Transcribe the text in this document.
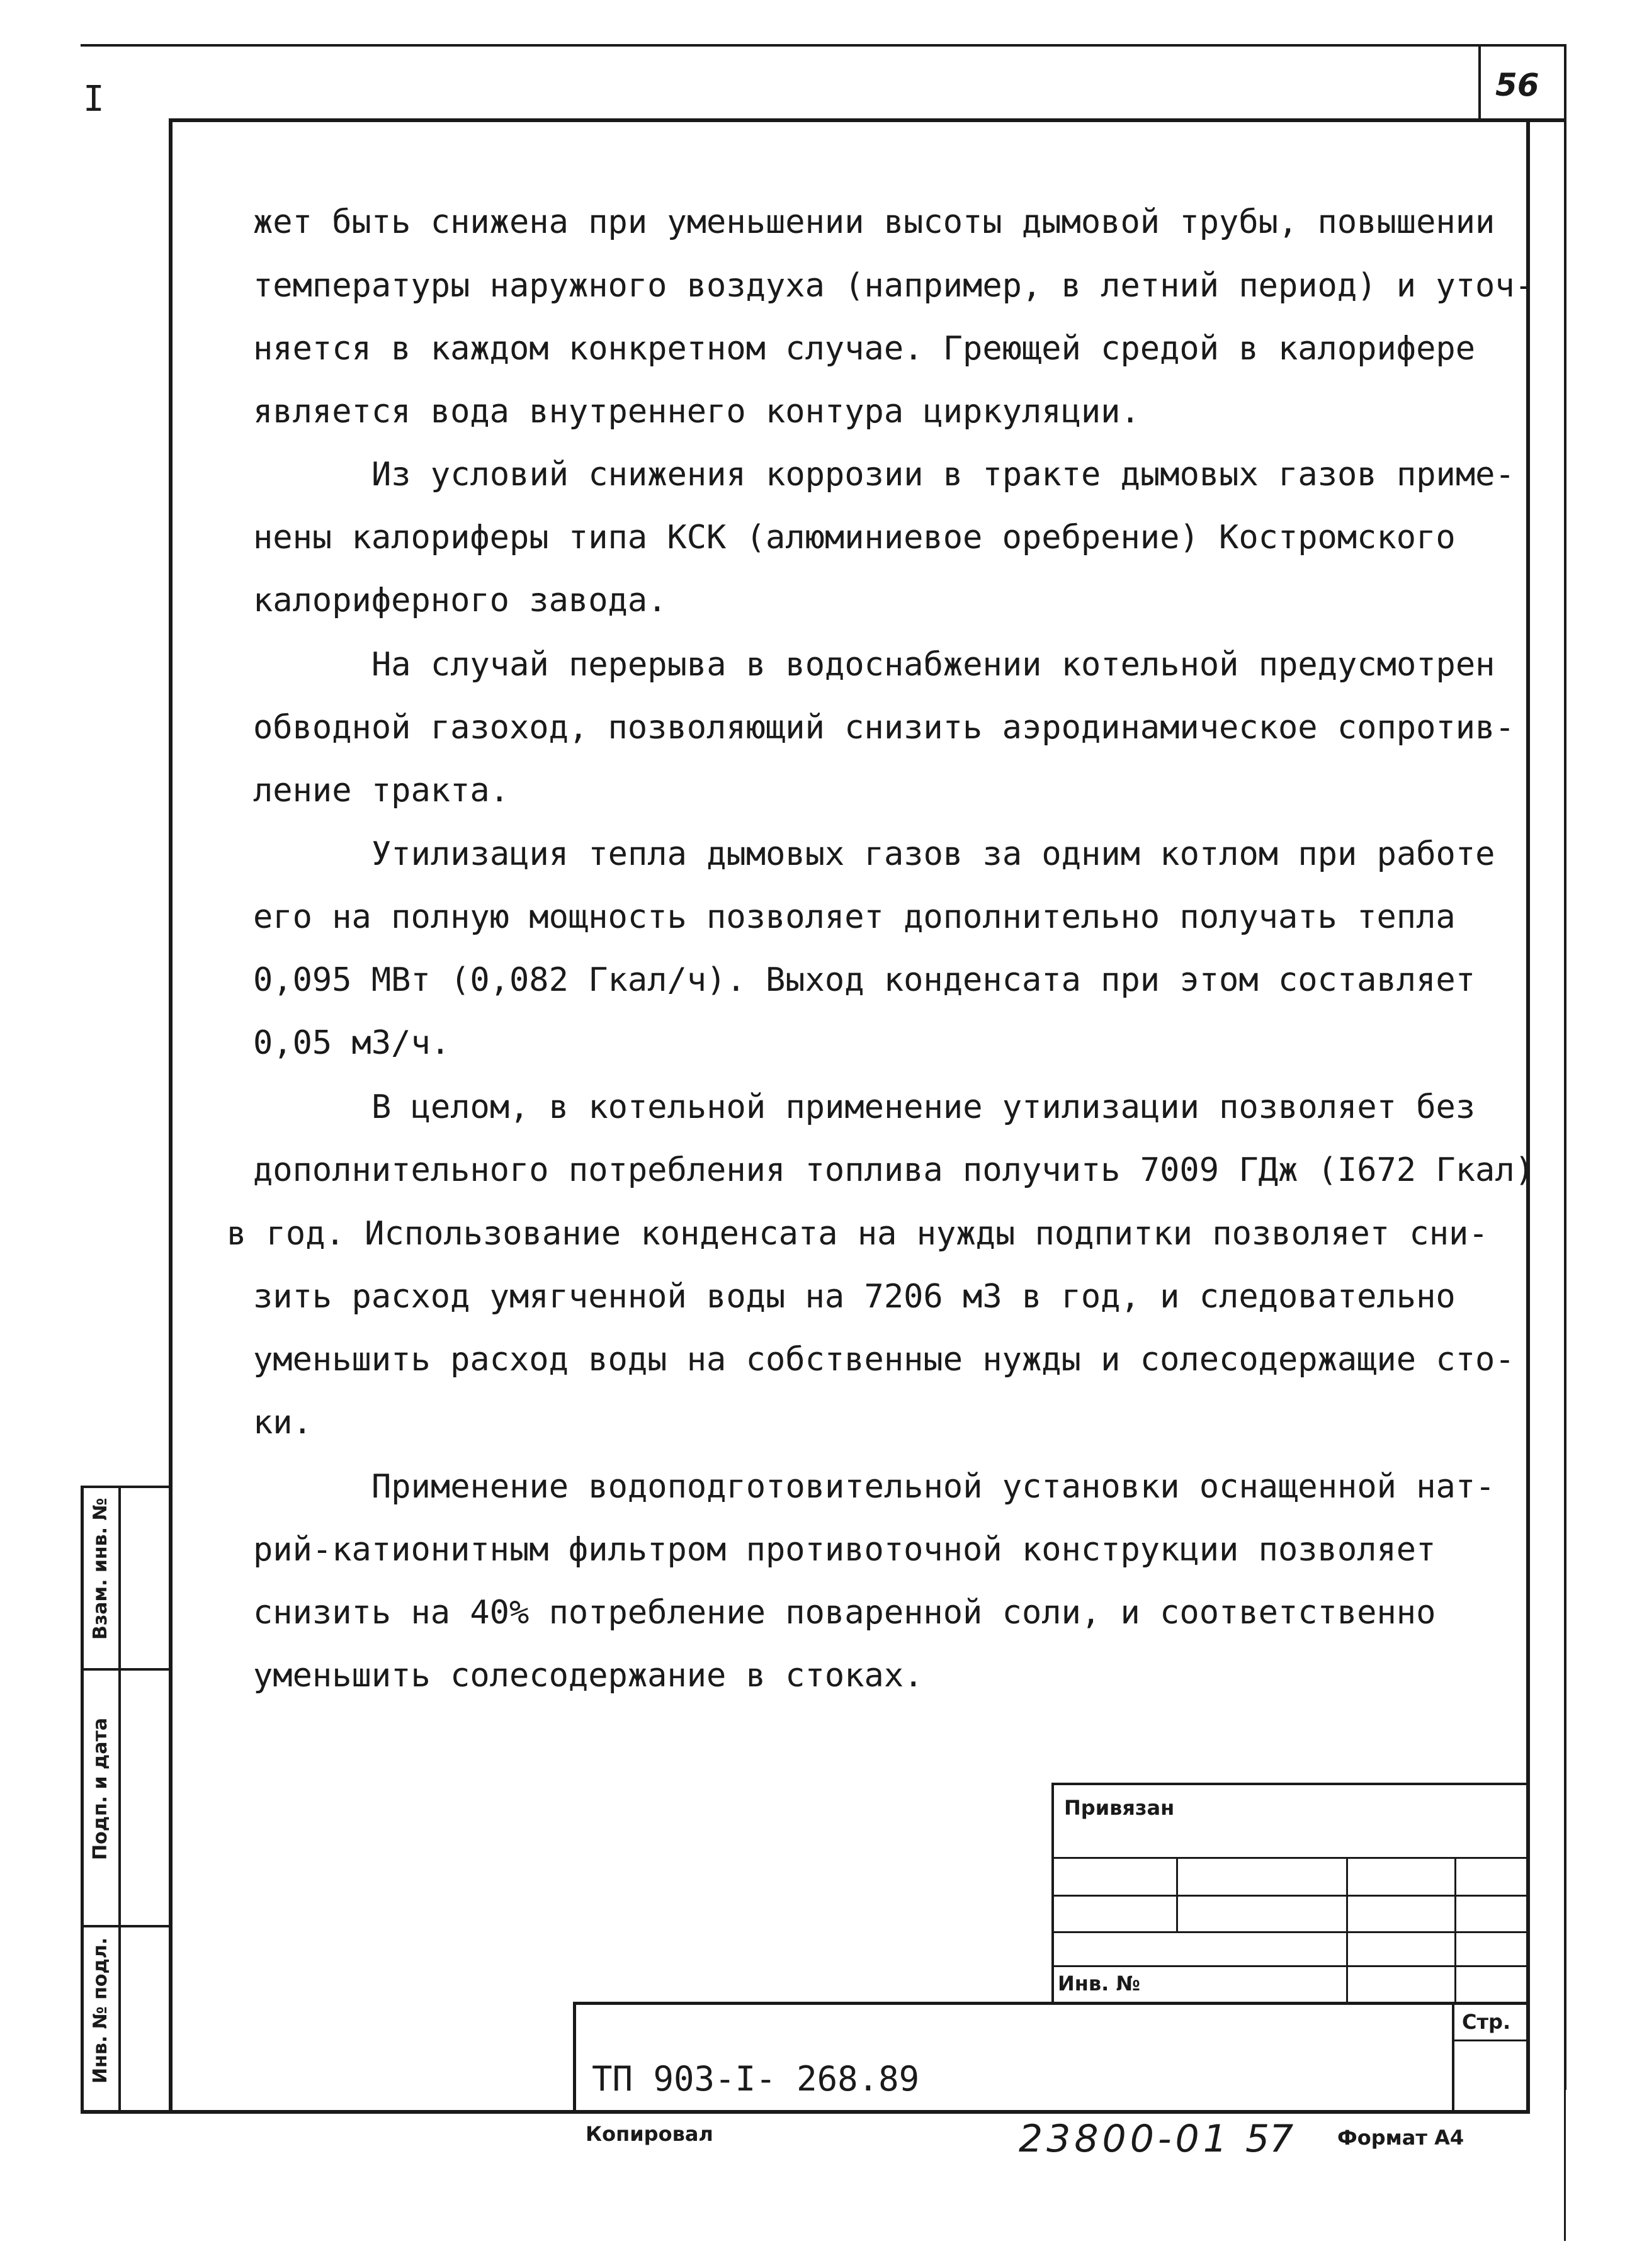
I	56
жет быть снижена при уменьшении высоты дымовой трубы, повышении
температуры наружного воздуха (например, в летний период) и уточ-
няется в каждом конкретном случае. Греющей средой в калорифере
является вода внутреннего контура циркуляции.
Из условий снижения коррозии в тракте дымовых газов приме-
нены калориферы типа КСК (алюминиевое оребрение) Костромского
калориферного завода.
На случай перерыва в водоснабжении котельной предусмотрен
обводной газоход, позволяющий снизить аэродинамическое сопротив-
ление тракта.
Утилизация тепла дымовых газов за одним котлом при работе
его на полную мощность позволяет дополнительно получать тепла
0,095 МВт (0,082 Гкал/ч). Выход конденсата при этом составляет
0,05 м3/ч.
В целом, в котельной применение утилизации позволяет без
дополнительного потребления топлива получить 7009 ГДж (I672 Гкал)
в год. Использование конденсата на нужды подпитки позволяет сни-
зить расход умягченной воды на 7206 м3 в год, и следовательно
уменьшить расход воды на собственные нужды и солесодержащие сто-
ки.
Применение водоподготовительной установки оснащенной нат-
рий-катионитным фильтром противоточной конструкции позволяет
снизить на 40% потребление поваренной соли, и соответственно
уменьшить солесодержание в стоках.
Взам. инв. №
Подп. и дата
Инв. № подл.
Привязан
Инв. №
Стр.
ТП 903-I- 268.89
Копировал	23800-01 57 Формат А4
